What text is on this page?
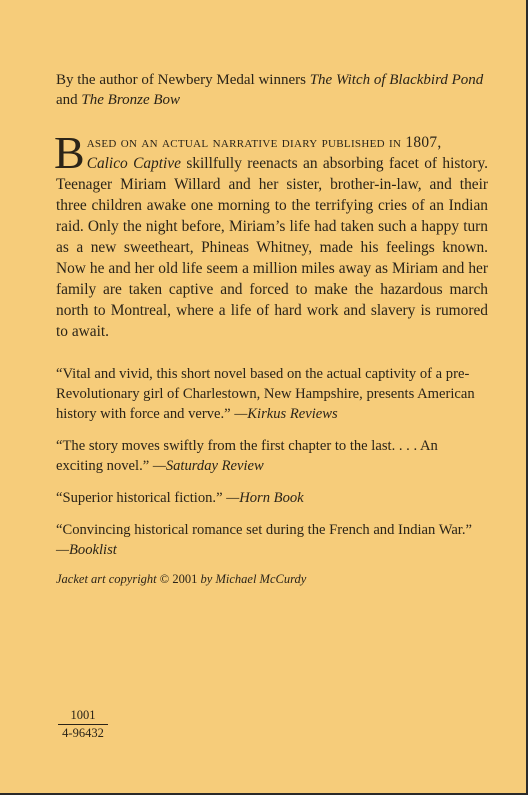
By the author of Newbery Medal winners The Witch of Blackbird Pond and The Bronze Bow

Based on an actual narrative diary published in 1807,
Calico Captive skillfully reenacts an absorbing facet of history. Teenager Miriam Willard and her sister, brother-in-law, and their three children awake one morning to the terrifying cries of an Indian raid. Only the night before, Miriam’s life had taken such a happy turn as a new sweetheart, Phineas Whitney, made his feelings known. Now he and her old life seem a million miles away as Miriam and her family are taken captive and forced to make the hazardous march north to Montreal, where a life of hard work and slavery is rumored to await.

“Vital and vivid, this short novel based on the actual captivity of a pre-Revolutionary girl of Charlestown, New Hampshire, presents American history with force and verve.” —Kirkus Reviews

“The story moves swiftly from the first chapter to the last. . . . An exciting novel.” —Saturday Review

“Superior historical fiction.” —Horn Book

“Convincing historical romance set during the French and Indian War.” —Booklist

Jacket art copyright © 2001 by Michael McCurdy

1001
4-96432
